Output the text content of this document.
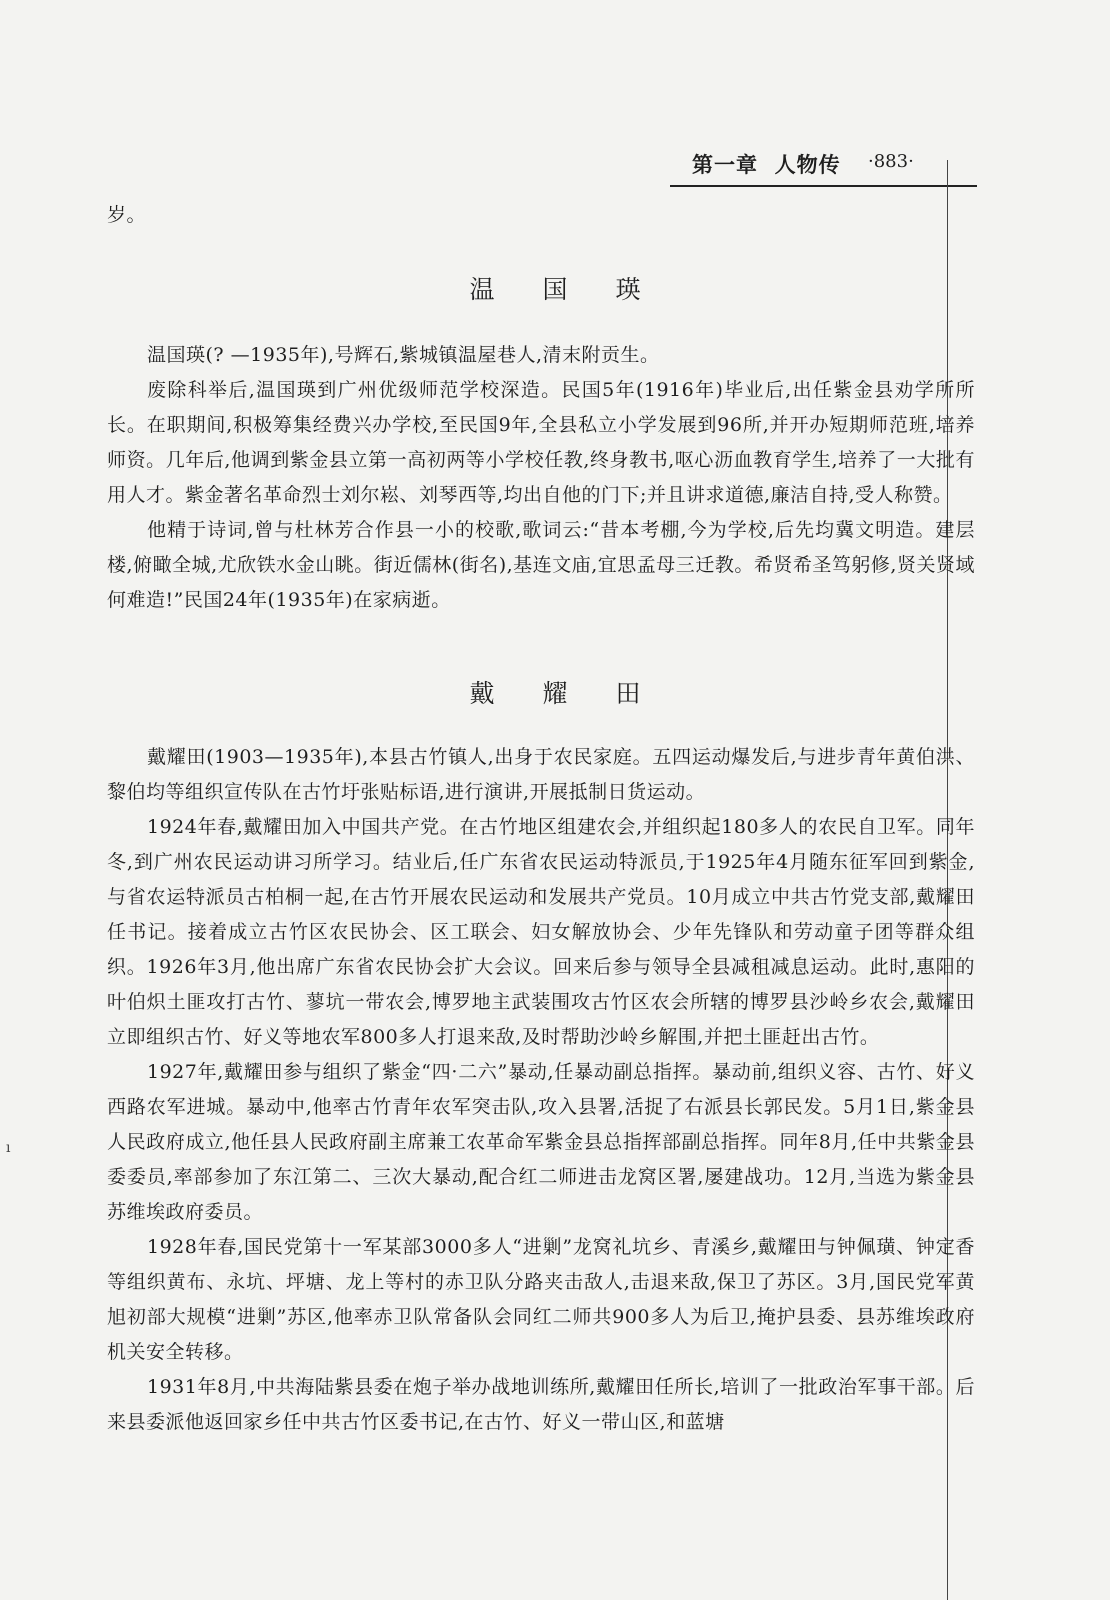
第一章  人物传 ·883·

岁。

温 国 瑛

温国瑛(? —1935年),号辉石,紫城镇温屋巷人,清末附贡生。

废除科举后,温国瑛到广州优级师范学校深造。民国5年(1916年)毕业后,出任紫金县劝学所所长。在职期间,积极筹集经费兴办学校,至民国9年,全县私立小学发展到96所,并开办短期师范班,培养师资。几年后,他调到紫金县立第一高初两等小学校任教,终身教书,呕心沥血教育学生,培养了一大批有用人才。紫金著名革命烈士刘尔崧、刘琴西等,均出自他的门下;并且讲求道德,廉洁自持,受人称赞。

他精于诗词,曾与杜林芳合作县一小的校歌,歌词云:“昔本考棚,今为学校,后先均冀文明造。建层楼,俯瞰全城,尤欣铁水金山眺。街近儒林(街名),基连文庙,宜思孟母三迁教。希贤希圣笃躬修,贤关贤域何难造!”民国24年(1935年)在家病逝。

戴 耀 田

戴耀田(1903—1935年),本县古竹镇人,出身于农民家庭。五四运动爆发后,与进步青年黄伯洪、黎伯均等组织宣传队在古竹圩张贴标语,进行演讲,开展抵制日货运动。

1924年春,戴耀田加入中国共产党。在古竹地区组建农会,并组织起180多人的农民自卫军。同年冬,到广州农民运动讲习所学习。结业后,任广东省农民运动特派员,于1925年4月随东征军回到紫金,与省农运特派员古柏桐一起,在古竹开展农民运动和发展共产党员。10月成立中共古竹党支部,戴耀田任书记。接着成立古竹区农民协会、区工联会、妇女解放协会、少年先锋队和劳动童子团等群众组织。1926年3月,他出席广东省农民协会扩大会议。回来后参与领导全县减租减息运动。此时,惠阳的叶伯炽土匪攻打古竹、蓼坑一带农会,博罗地主武装围攻古竹区农会所辖的博罗县沙岭乡农会,戴耀田立即组织古竹、好义等地农军800多人打退来敌,及时帮助沙岭乡解围,并把土匪赶出古竹。

1927年,戴耀田参与组织了紫金“四·二六”暴动,任暴动副总指挥。暴动前,组织义容、古竹、好义西路农军进城。暴动中,他率古竹青年农军突击队,攻入县署,活捉了右派县长郭民发。5月1日,紫金县人民政府成立,他任县人民政府副主席兼工农革命军紫金县总指挥部副总指挥。同年8月,任中共紫金县委委员,率部参加了东江第二、三次大暴动,配合红二师进击龙窝区署,屡建战功。12月,当选为紫金县苏维埃政府委员。

1928年春,国民党第十一军某部3000多人“进剿”龙窝礼坑乡、青溪乡,戴耀田与钟佩璜、钟定香等组织黄布、永坑、坪塘、龙上等村的赤卫队分路夹击敌人,击退来敌,保卫了苏区。3月,国民党军黄旭初部大规模“进剿”苏区,他率赤卫队常备队会同红二师共900多人为后卫,掩护县委、县苏维埃政府机关安全转移。

1931年8月,中共海陆紫县委在炮子举办战地训练所,戴耀田任所长,培训了一批政治军事干部。后来县委派他返回家乡任中共古竹区委书记,在古竹、好义一带山区,和蓝塘

ı
